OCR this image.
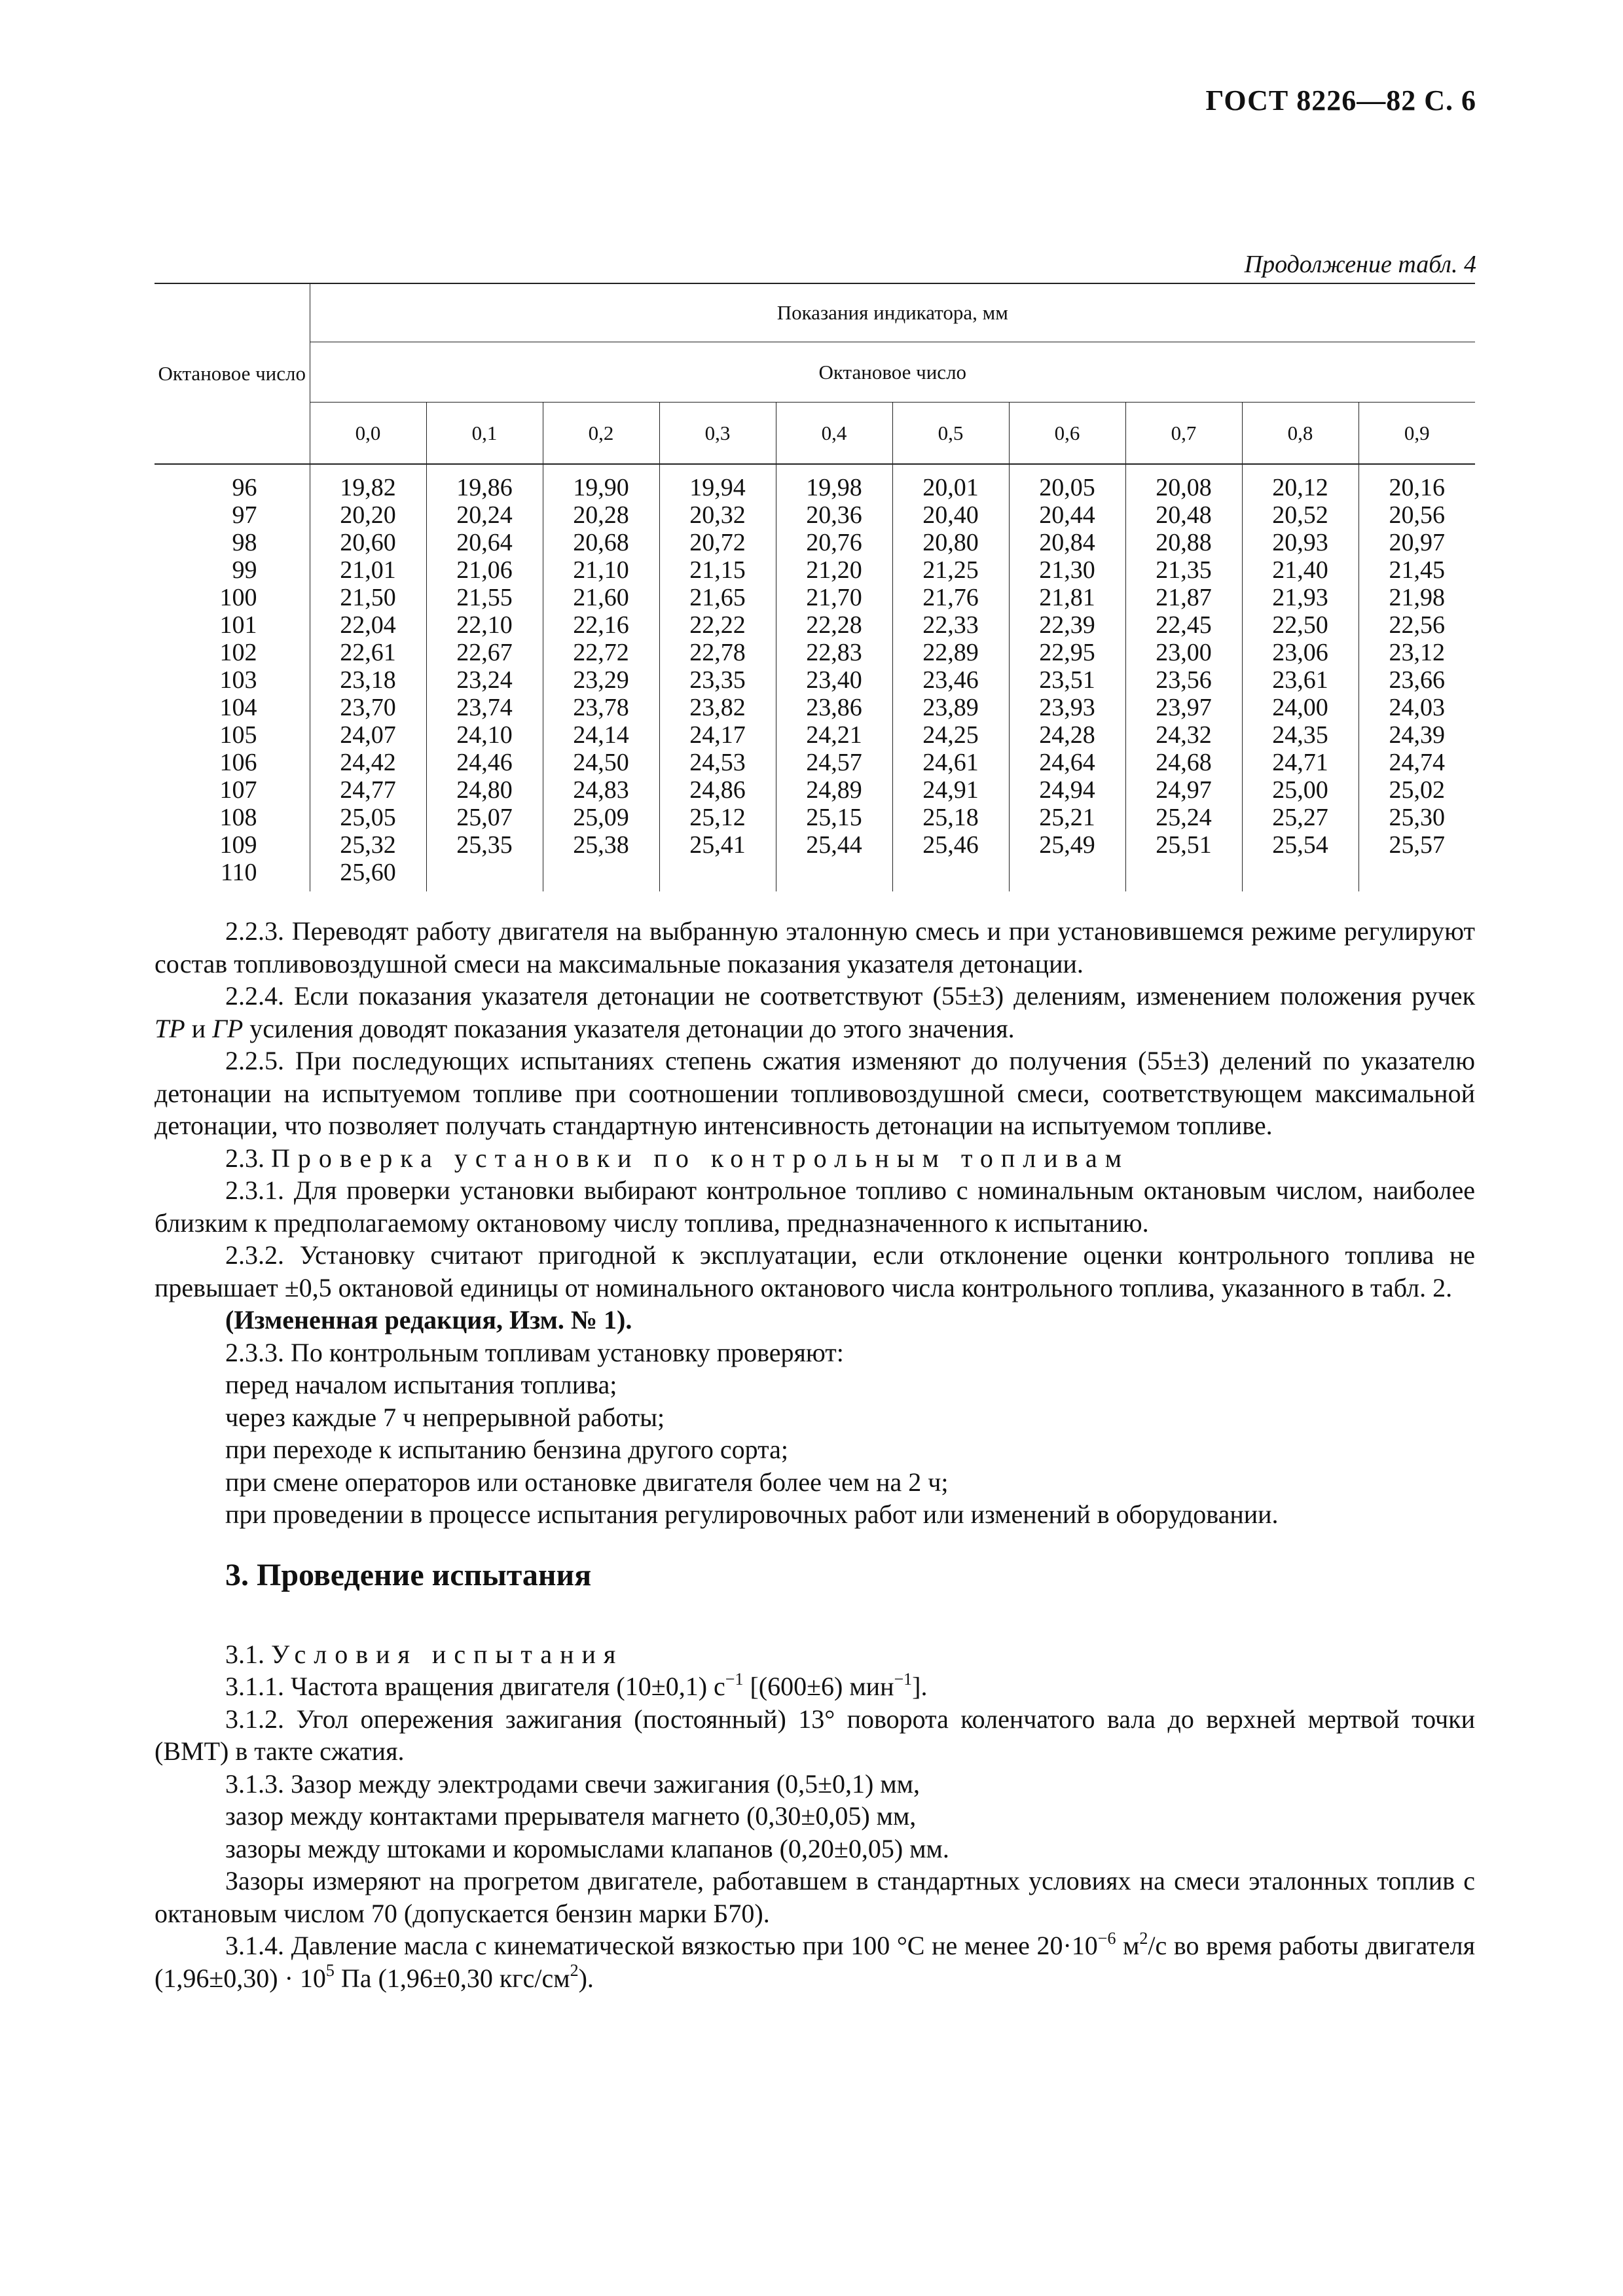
ГОСТ 8226—82 С. 6
Продолжение табл. 4
Октановое число	Показания индикатора, мм									
	Октановое число									
	0,0	0,1	0,2	0,3	0,4	0,5	0,6	0,7	0,8	0,9
96	19,82	19,86	19,90	19,94	19,98	20,01	20,05	20,08	20,12	20,16
97	20,20	20,24	20,28	20,32	20,36	20,40	20,44	20,48	20,52	20,56
98	20,60	20,64	20,68	20,72	20,76	20,80	20,84	20,88	20,93	20,97
99	21,01	21,06	21,10	21,15	21,20	21,25	21,30	21,35	21,40	21,45
100	21,50	21,55	21,60	21,65	21,70	21,76	21,81	21,87	21,93	21,98
101	22,04	22,10	22,16	22,22	22,28	22,33	22,39	22,45	22,50	22,56
102	22,61	22,67	22,72	22,78	22,83	22,89	22,95	23,00	23,06	23,12
103	23,18	23,24	23,29	23,35	23,40	23,46	23,51	23,56	23,61	23,66
104	23,70	23,74	23,78	23,82	23,86	23,89	23,93	23,97	24,00	24,03
105	24,07	24,10	24,14	24,17	24,21	24,25	24,28	24,32	24,35	24,39
106	24,42	24,46	24,50	24,53	24,57	24,61	24,64	24,68	24,71	24,74
107	24,77	24,80	24,83	24,86	24,89	24,91	24,94	24,97	25,00	25,02
108	25,05	25,07	25,09	25,12	25,15	25,18	25,21	25,24	25,27	25,30
109	25,32	25,35	25,38	25,41	25,44	25,46	25,49	25,51	25,54	25,57
110	25,60									

2.2.3. Переводят работу двигателя на выбранную эталонную смесь и при установившемся режиме регулируют состав топливовоздушной смеси на максимальные показания указателя детонации.

2.2.4. Если показания указателя детонации не соответствуют (55±3) делениям, изменением положения ручек ТР и ГР усиления доводят показания указателя детонации до этого значения.

2.2.5. При последующих испытаниях степень сжатия изменяют до получения (55±3) делений по указателю детонации на испытуемом топливе при соотношении топливовоздушной смеси, соответствующем максимальной детонации, что позволяет получать стандартную интенсивность детонации на испытуемом топливе.

2.3. Проверка установки по контрольным топливам

2.3.1. Для проверки установки выбирают контрольное топливо с номинальным октановым числом, наиболее близким к предполагаемому октановому числу топлива, предназначенного к испытанию.

2.3.2. Установку считают пригодной к эксплуатации, если отклонение оценки контрольного топлива не превышает ±0,5 октановой единицы от номинального октанового числа контрольного топлива, указанного в табл. 2.

(Измененная редакция, Изм. № 1).

2.3.3. По контрольным топливам установку проверяют:

перед началом испытания топлива;

через каждые 7 ч непрерывной работы;

при переходе к испытанию бензина другого сорта;

при смене операторов или остановке двигателя более чем на 2 ч;

при проведении в процессе испытания регулировочных работ или изменений в оборудовании.

3. Проведение испытания

3.1. Условия испытания

3.1.1. Частота вращения двигателя (10±0,1) $с^{-1}$ [(600±6) мин$^{-1}$].

3.1.2. Угол опережения зажигания (постоянный) 13° поворота коленчатого вала до верхней мертвой точки (ВМТ) в такте сжатия.

3.1.3. Зазор между электродами свечи зажигания (0,5±0,1) мм,

зазор между контактами прерывателя магнето (0,30±0,05) мм,

зазоры между штоками и коромыслами клапанов (0,20±0,05) мм.

Зазоры измеряют на прогретом двигателе, работавшем в стандартных условиях на смеси эталонных топлив с октановым числом 70 (допускается бензин марки Б70).

3.1.4. Давление масла с кинематической вязкостью при 100 °С не менее $20\cdot 10^{-6}$ $м^2/с$ во время работы двигателя $(1,96\pm 0,30) \cdot 10^5$ Па (1,96±0,30 кгс/$см^2$).
